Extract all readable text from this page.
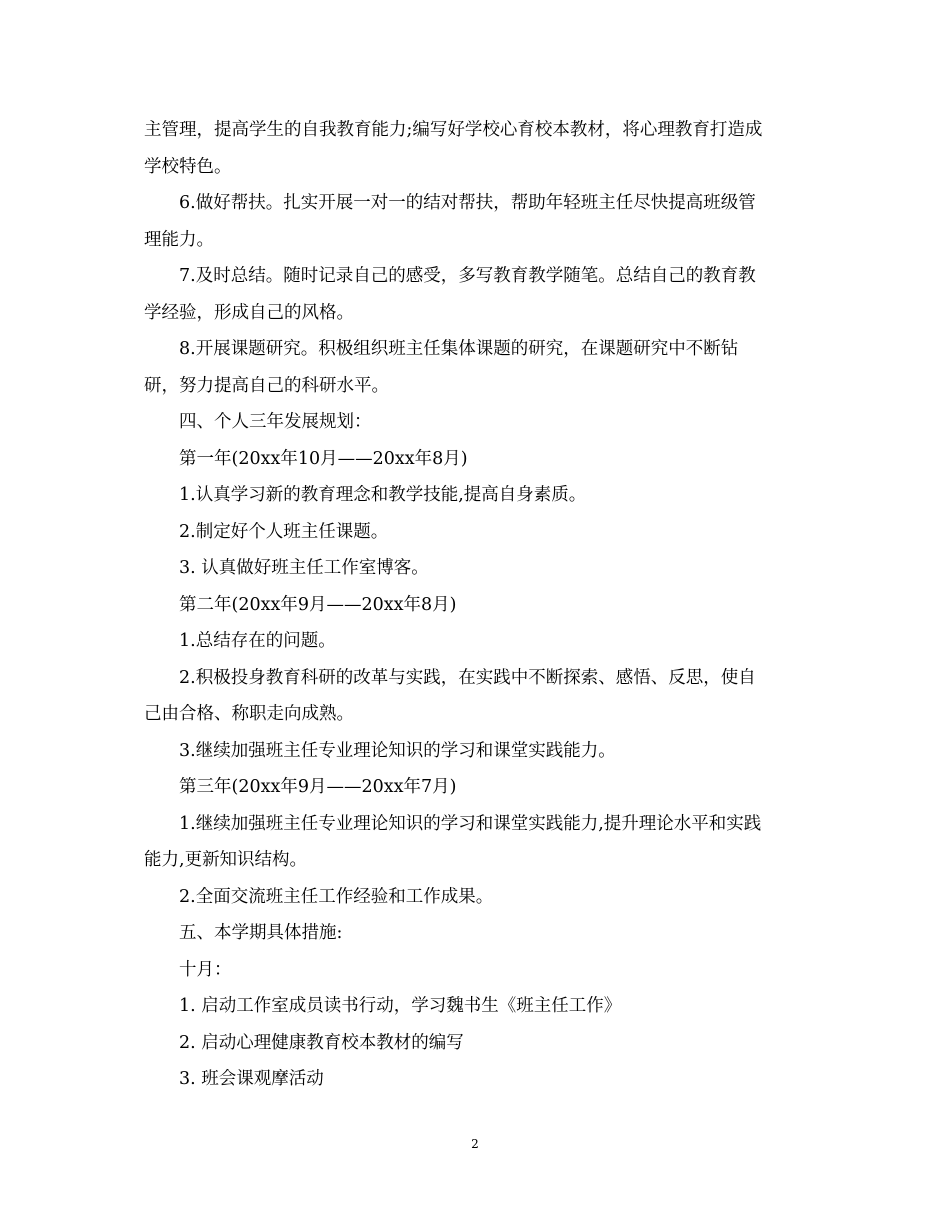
主管理，提高学生的自我教育能力;编写好学校心育校本教材，将心理教育打造成
学校特色。
6.做好帮扶。扎实开展一对一的结对帮扶，帮助年轻班主任尽快提高班级管
理能力。
7.及时总结。随时记录自己的感受，多写教育教学随笔。总结自己的教育教
学经验，形成自己的风格。
8.开展课题研究。积极组织班主任集体课题的研究，在课题研究中不断钻
研，努力提高自己的科研水平。
四、个人三年发展规划：
第一年(20xx年10月——20xx年8月)
1.认真学习新的教育理念和教学技能,提高自身素质。
2.制定好个人班主任课题。
3. 认真做好班主任工作室博客。
第二年(20xx年9月——20xx年8月)
1.总结存在的问题。
2.积极投身教育科研的改革与实践，在实践中不断探索、感悟、反思，使自
己由合格、称职走向成熟。
3.继续加强班主任专业理论知识的学习和课堂实践能力。
第三年(20xx年9月——20xx年7月)
1.继续加强班主任专业理论知识的学习和课堂实践能力,提升理论水平和实践
能力,更新知识结构。
2.全面交流班主任工作经验和工作成果。
五、本学期具体措施:
十月：
1. 启动工作室成员读书行动，学习魏书生《班主任工作》
2. 启动心理健康教育校本教材的编写
3. 班会课观摩活动
2
